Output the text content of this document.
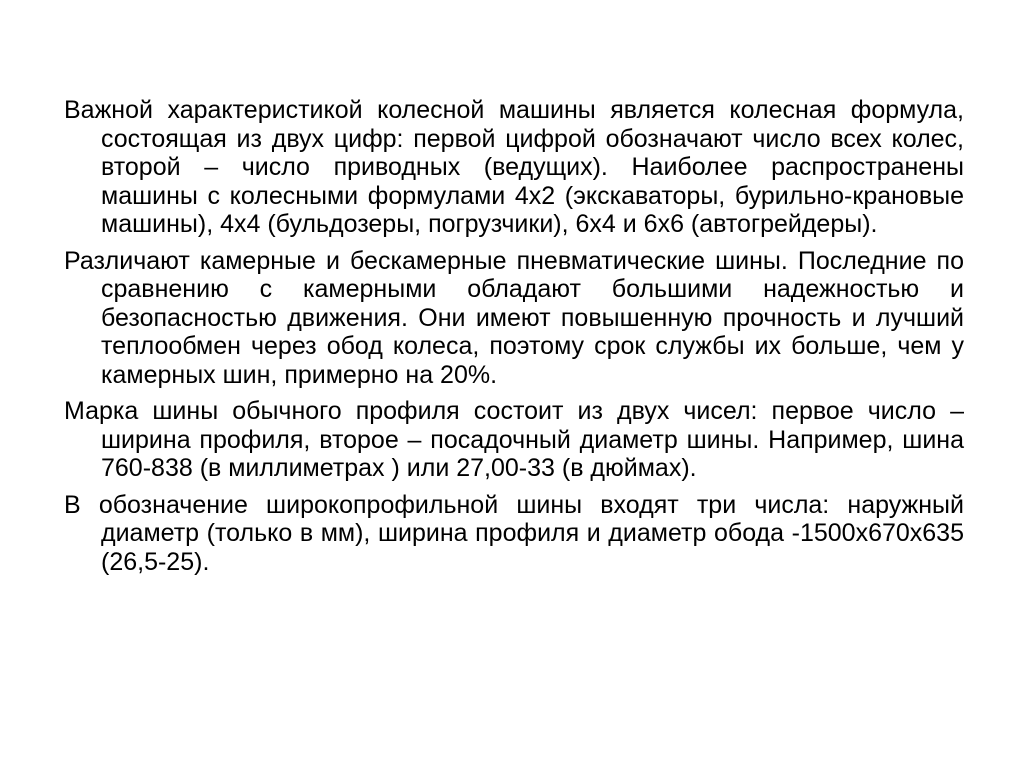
Важной характеристикой колесной машины является колесная формула, состоящая из двух цифр: первой цифрой обозначают число всех колес, второй – число приводных (ведущих). Наиболее распространены машины с колесными формулами 4x2 (экскаваторы, бурильно-крановые машины), 4x4 (бульдозеры, погрузчики), 6x4 и 6x6 (автогрейдеры).

Различают камерные и бескамерные пневматические шины. Последние по сравнению с камерными обладают большими надежностью и безопасностью движения. Они имеют повышенную прочность и лучший теплообмен через обод колеса, поэтому срок службы их больше, чем у камерных шин, примерно на 20%.

Марка шины обычного профиля состоит из двух чисел: первое число – ширина профиля, второе – посадочный диаметр шины. Например, шина 760-838 (в миллиметрах ) или 27,00-33 (в дюймах).

В обозначение широкопрофильной шины входят три числа: наружный диаметр (только в мм), ширина профиля и диаметр обода -1500x670x635 (26,5-25).
